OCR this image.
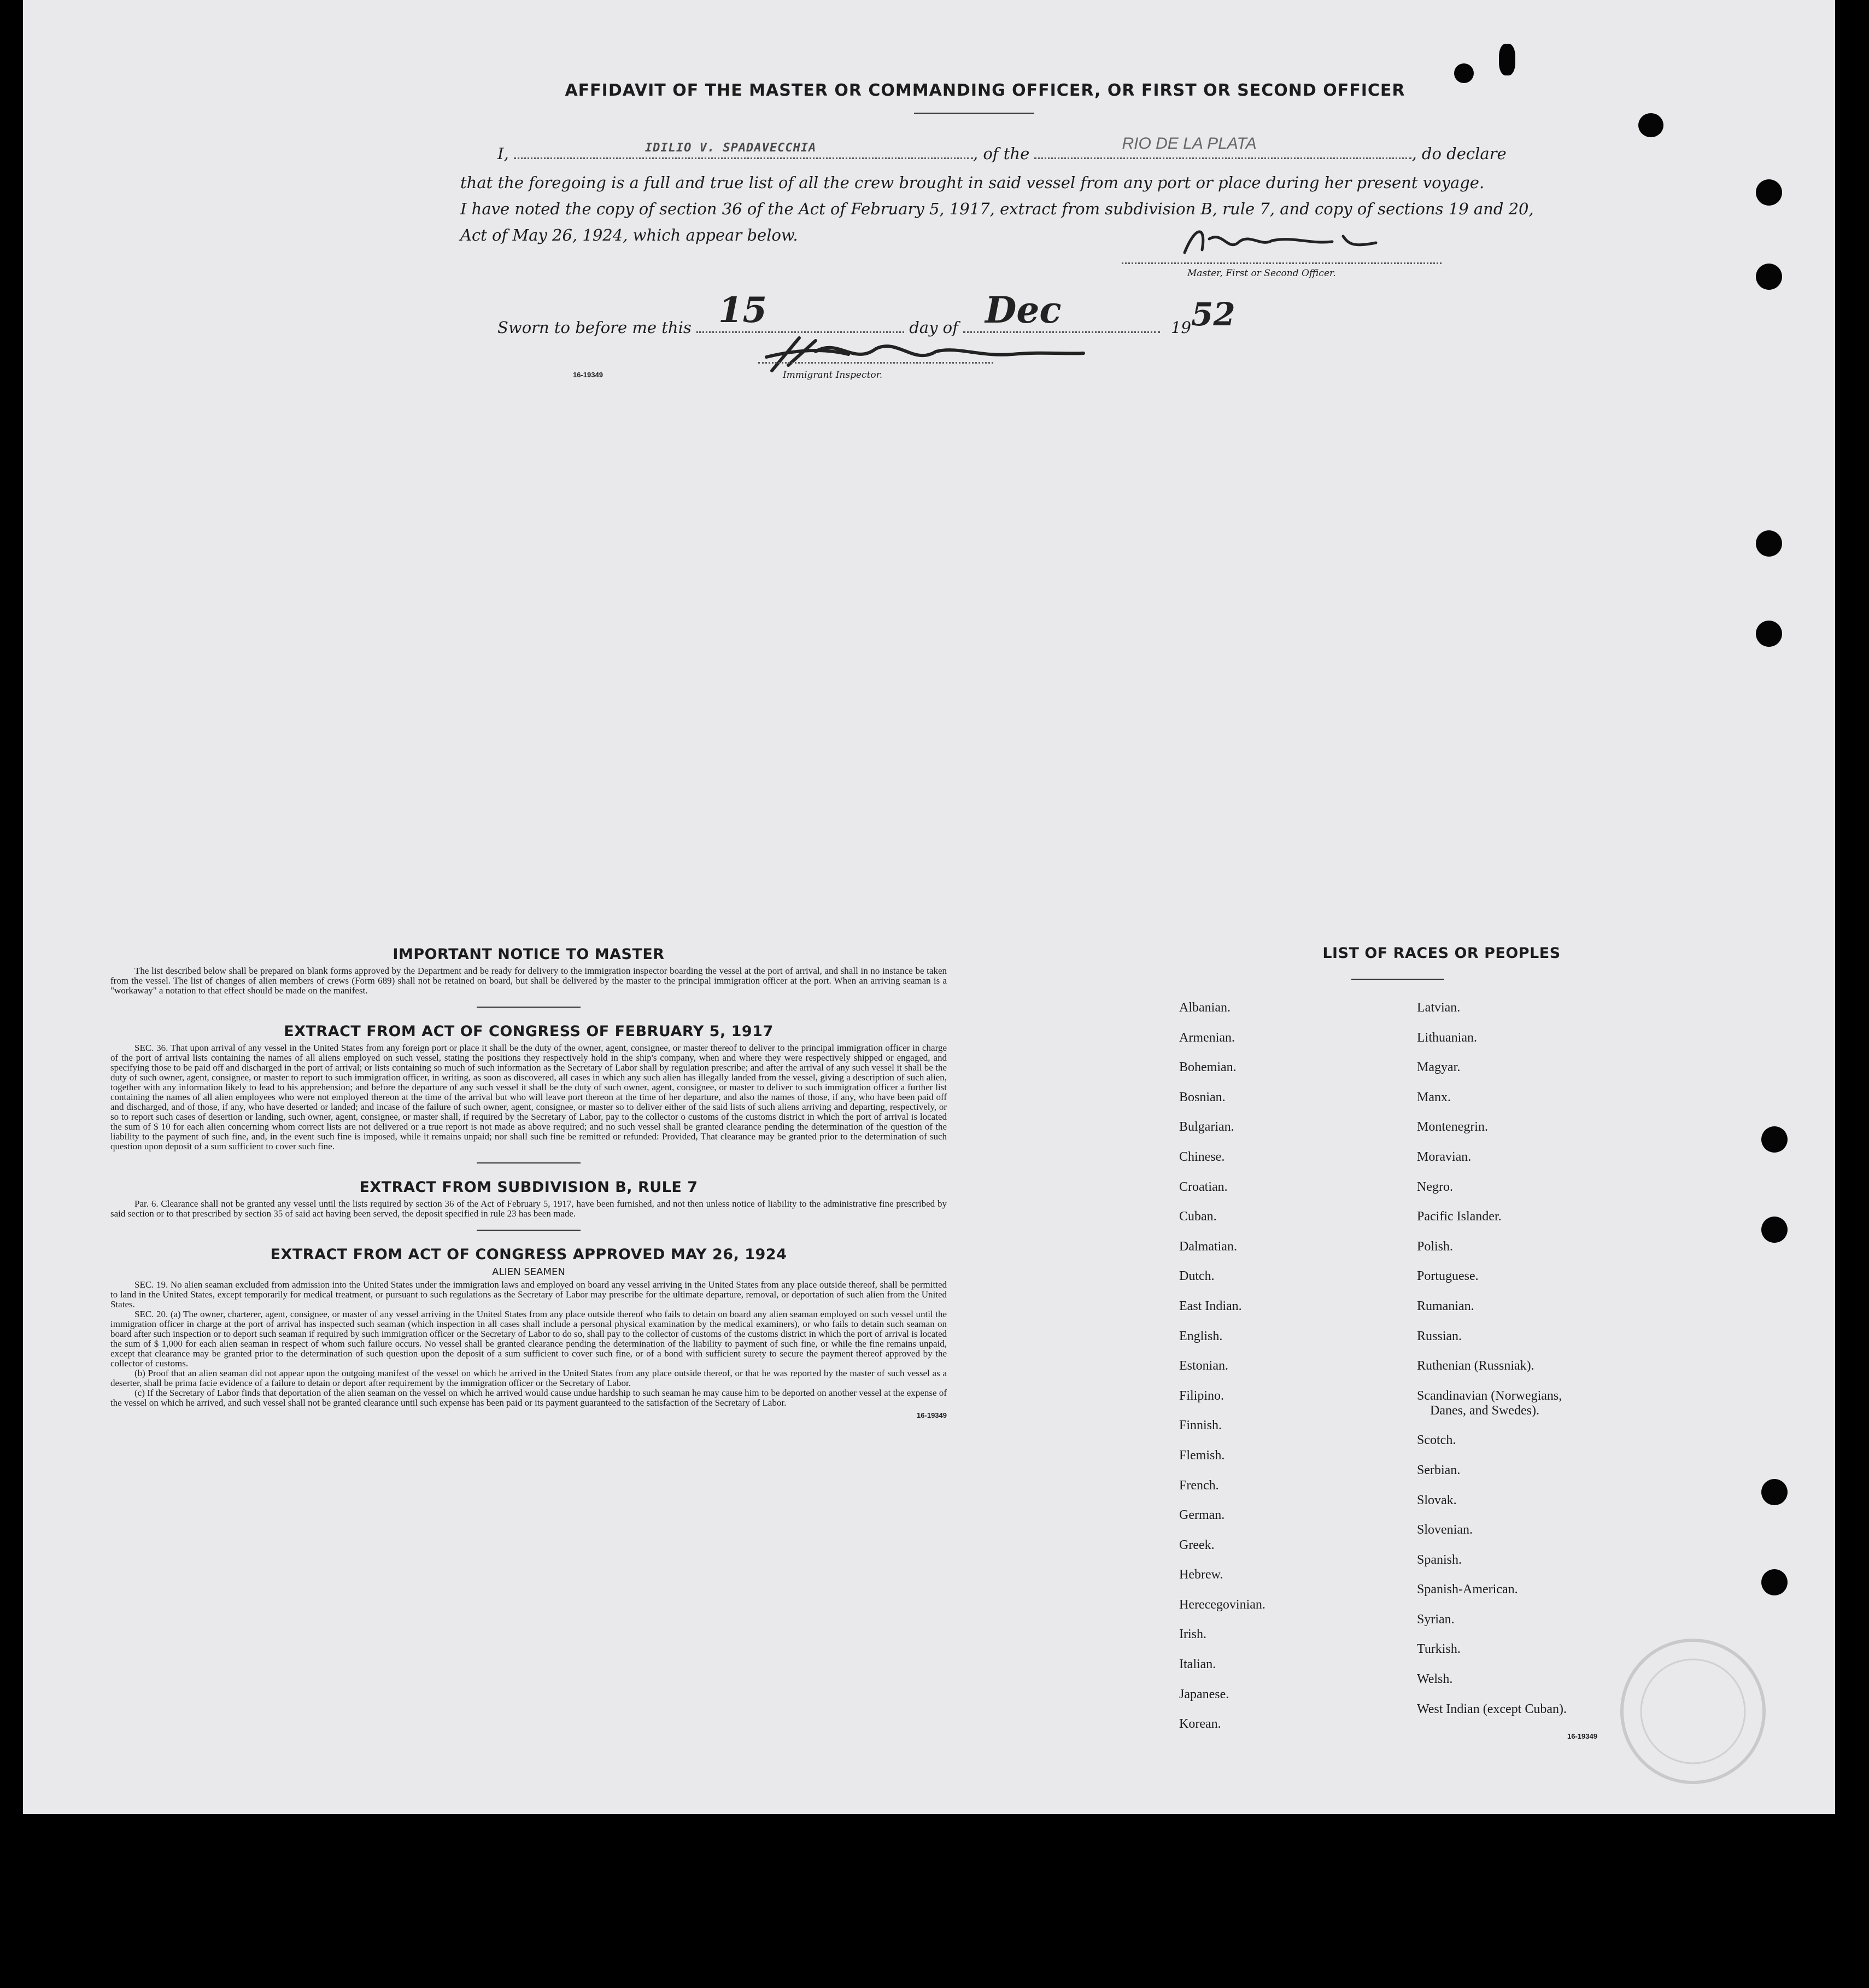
AFFIDAVIT OF THE MASTER OR COMMANDING OFFICER, OR FIRST OR SECOND OFFICER
I,	IDILIO V. SPADAVECCHIA	, of the
RIO DE LA PLATA
, do declare
that the foregoing is a full and true list of all the crew brought in said vessel from any port or place during her present voyage.
I have noted the copy of section 36 of the Act of February 5, 1917, extract from subdivision B, rule 7, and copy of sections 19 and 20,
Act of May 26, 1924, which appear below.
Master, First or Second Officer.
Sworn to before me this 15	day of Dec	1952
16-19349	Immigrant Inspector.
IMPORTANT NOTICE TO MASTER

The list described below shall be prepared on blank forms approved by the Department and be ready for delivery to the immigration inspector boarding the vessel at the port of arrival, and shall in no instance be taken from the vessel. The list of changes of alien members of crews (Form 689) shall not be retained on board, but shall be delivered by the master to the principal immigration officer at the port. When an arriving seaman is a "workaway" a notation to that effect should be made on the manifest.

EXTRACT FROM ACT OF CONGRESS OF FEBRUARY 5, 1917

SEC. 36. That upon arrival of any vessel in the United States from any foreign port or place it shall be the duty of the owner, agent, consignee, or master thereof to deliver to the principal immigration officer in charge of the port of arrival lists containing the names of all aliens employed on such vessel, stating the positions they respectively hold in the ship's company, when and where they were respectively shipped or engaged, and specifying those to be paid off and discharged in the port of arrival; or lists containing so much of such information as the Secretary of Labor shall by regulation prescribe; and after the arrival of any such vessel it shall be the duty of such owner, agent, consignee, or master to report to such immigration officer, in writing, as soon as discovered, all cases in which any such alien has illegally landed from the vessel, giving a description of such alien, together with any information likely to lead to his apprehension; and before the departure of any such vessel it shall be the duty of such owner, agent, consignee, or master to deliver to such immigration officer a further list containing the names of all alien employees who were not employed thereon at the time of the arrival but who will leave port thereon at the time of her departure, and also the names of those, if any, who have been paid off and discharged, and of those, if any, who have deserted or landed; and incase of the failure of such owner, agent, consignee, or master so to deliver either of the said lists of such aliens arriving and departing, respectively, or so to report such cases of desertion or landing, such owner, agent, consignee, or master shall, if required by the Secretary of Labor, pay to the collector o customs of the customs district in which the port of arrival is located the sum of $ 10 for each alien concerning whom correct lists are not delivered or a true report is not made as above required; and no such vessel shall be granted clearance pending the determination of the question of the liability to the payment of such fine, and, in the event such fine is imposed, while it remains unpaid; nor shall such fine be remitted or refunded: Provided, That clearance may be granted prior to the determination of such question upon deposit of a sum sufficient to cover such fine.

EXTRACT FROM SUBDIVISION B, RULE 7

Par. 6. Clearance shall not be granted any vessel until the lists required by section 36 of the Act of February 5, 1917, have been furnished, and not then unless notice of liability to the administrative fine prescribed by said section or to that prescribed by section 35 of said act having been served, the deposit specified in rule 23 has been made.

EXTRACT FROM ACT OF CONGRESS APPROVED MAY 26, 1924
ALIEN SEAMEN

SEC. 19. No alien seaman excluded from admission into the United States under the immigration laws and employed on board any vessel arriving in the United States from any place outside thereof, shall be permitted to land in the United States, except temporarily for medical treatment, or pursuant to such regulations as the Secretary of Labor may prescribe for the ultimate departure, removal, or deportation of such alien from the United States.

SEC. 20. (a) The owner, charterer, agent, consignee, or master of any vessel arriving in the United States from any place outside thereof who fails to detain on board any alien seaman employed on such vessel until the immigration officer in charge at the port of arrival has inspected such seaman (which inspection in all cases shall include a personal physical examination by the medical examiners), or who fails to detain such seaman on board after such inspection or to deport such seaman if required by such immigration officer or the Secretary of Labor to do so, shall pay to the collector of customs of the customs district in which the port of arrival is located the sum of $ 1,000 for each alien seaman in respect of whom such failure occurs. No vessel shall be granted clearance pending the determination of the liability to payment of such fine, or while the fine remains unpaid, except that clearance may be granted prior to the determination of such question upon the deposit of a sum sufficient to cover such fine, or of a bond with sufficient surety to secure the payment thereof approved by the collector of customs.

(b) Proof that an alien seaman did not appear upon the outgoing manifest of the vessel on which he arrived in the United States from any place outside thereof, or that he was reported by the master of such vessel as a deserter, shall be prima facie evidence of a failure to detain or deport after requirement by the immigration officer or the Secretary of Labor.

(c) If the Secretary of Labor finds that deportation of the alien seaman on the vessel on which he arrived would cause undue hardship to such seaman he may cause him to be deported on another vessel at the expense of the vessel on which he arrived, and such vessel shall not be granted clearance until such expense has been paid or its payment guaranteed to the satisfaction of the Secretary of Labor.

16-19349
LIST OF RACES OR PEOPLES
Albanian.
Armenian.
Bohemian.
Bosnian.
Bulgarian.
Chinese.
Croatian.
Cuban.
Dalmatian.
Dutch.
East Indian.
English.
Estonian.
Filipino.
Finnish.
Flemish.
French.
German.
Greek.
Hebrew.
Herecegovinian.
Irish.
Italian.
Japanese.
Korean.
Latvian.
Lithuanian.
Magyar.
Manx.
Montenegrin.
Moravian.
Negro.
Pacific Islander.
Polish.
Portuguese.
Rumanian.
Russian.
Ruthenian (Russniak).
Scandinavian (Norwegians,
Danes, and Swedes).
Scotch.
Serbian.
Slovak.
Slovenian.
Spanish.
Spanish-American.
Syrian.
Turkish.
Welsh.
West Indian (except Cuban).
16-19349
